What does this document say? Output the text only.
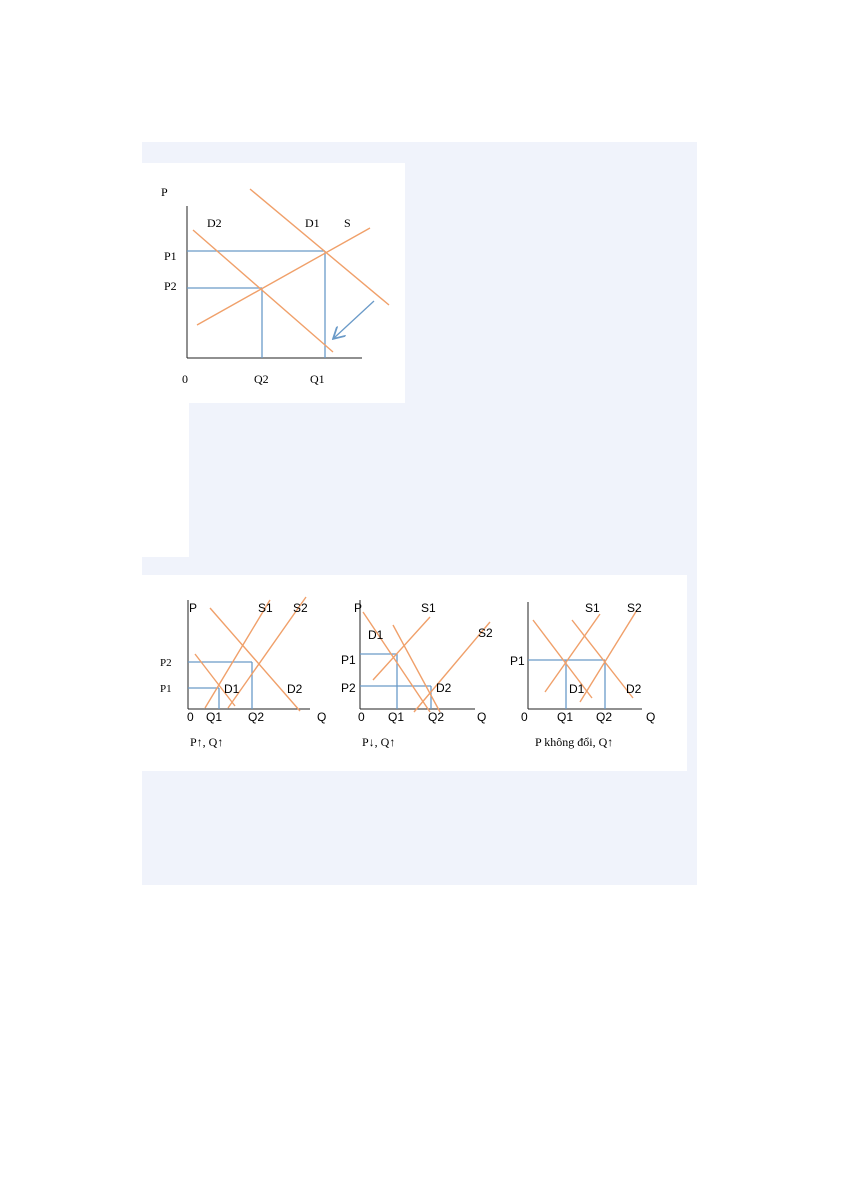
P
D2	D1 S
P1
P2
0	Q2	Q1
P	S1 S2
P2
P1	D1	D2
0 Q1 Q2	Q
P↑, Q↑
P	S1
D1	S2
P1
P2	D2
0 Q1 Q2	Q
P↓, Q↑
S1 S2
P1
D1	D2
0 Q1 Q2	Q
P không đổi, Q↑
